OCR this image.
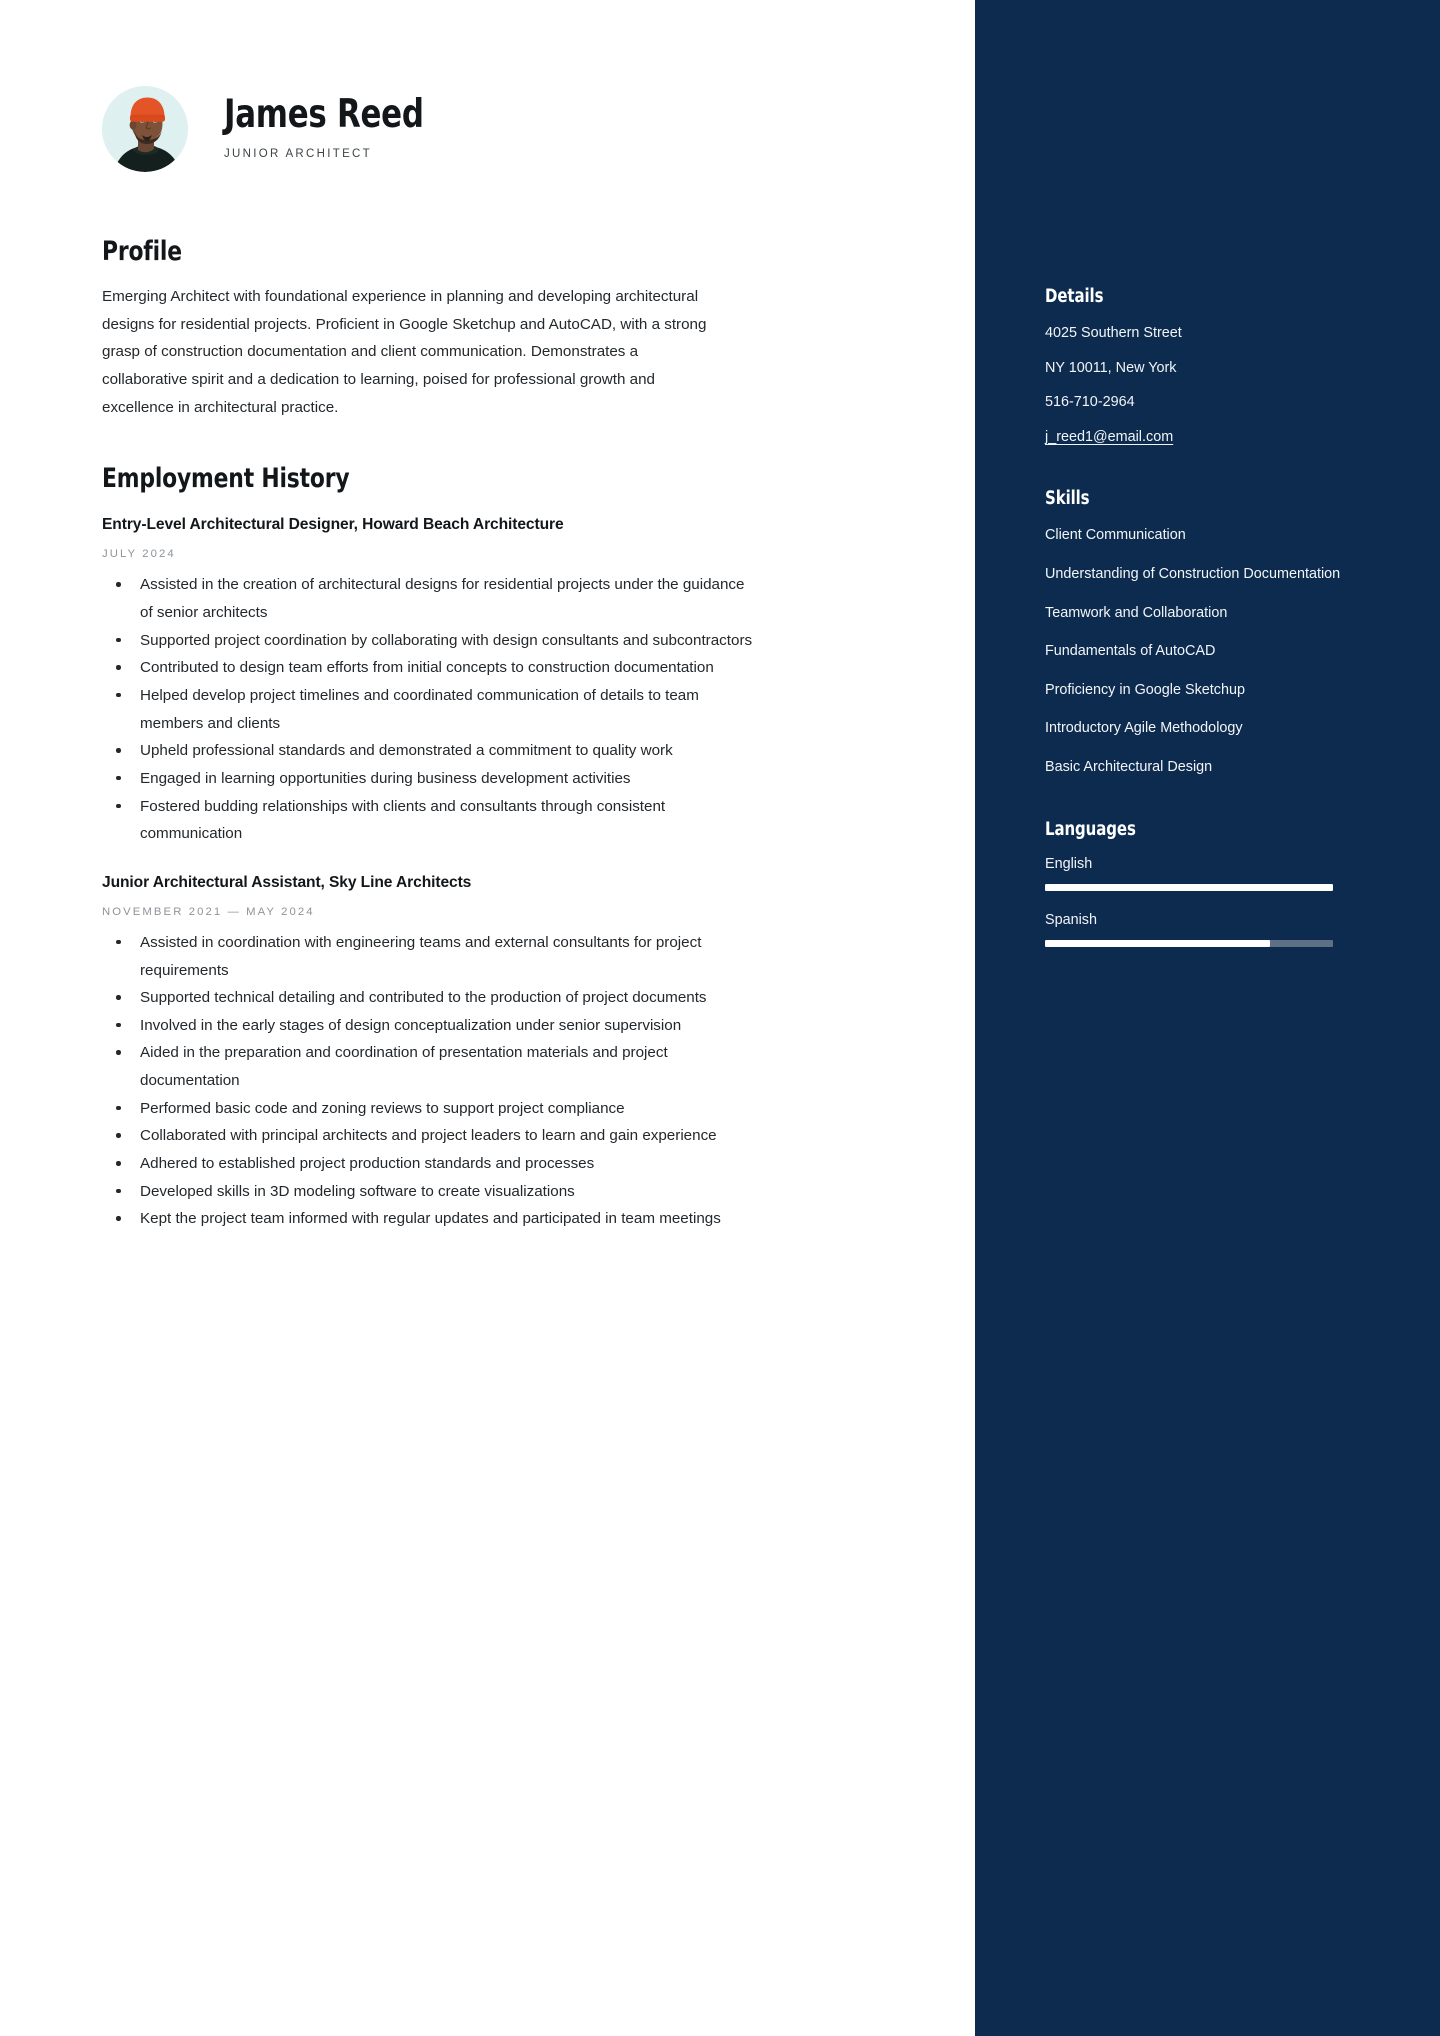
James Reed
JUNIOR ARCHITECT
Profile

Emerging Architect with foundational experience in planning and developing architectural designs for residential projects. Proficient in Google Sketchup and AutoCAD, with a strong grasp of construction documentation and client communication. Demonstrates a collaborative spirit and a dedication to learning, poised for professional growth and excellence in architectural practice.

Employment History
Entry-Level Architectural Designer, Howard Beach Architecture
JULY 2024
Assisted in the creation of architectural designs for residential projects under the guidance of senior architects
Supported project coordination by collaborating with design consultants and subcontractors
Contributed to design team efforts from initial concepts to construction documentation
Helped develop project timelines and coordinated communication of details to team members and clients
Upheld professional standards and demonstrated a commitment to quality work
Engaged in learning opportunities during business development activities
Fostered budding relationships with clients and consultants through consistent communication
Junior Architectural Assistant, Sky Line Architects
NOVEMBER 2021 — MAY 2024
Assisted in coordination with engineering teams and external consultants for project requirements
Supported technical detailing and contributed to the production of project documents
Involved in the early stages of design conceptualization under senior supervision
Aided in the preparation and coordination of presentation materials and project documentation
Performed basic code and zoning reviews to support project compliance
Collaborated with principal architects and project leaders to learn and gain experience
Adhered to established project production standards and processes
Developed skills in 3D modeling software to create visualizations
Kept the project team informed with regular updates and participated in team meetings
Details
4025 Southern Street
NY 10011, New York
516-710-2964
j_reed1@email.com
Skills
Client Communication
Understanding of Construction Documentation
Teamwork and Collaboration
Fundamentals of AutoCAD
Proficiency in Google Sketchup
Introductory Agile Methodology
Basic Architectural Design
Languages
English
Spanish
